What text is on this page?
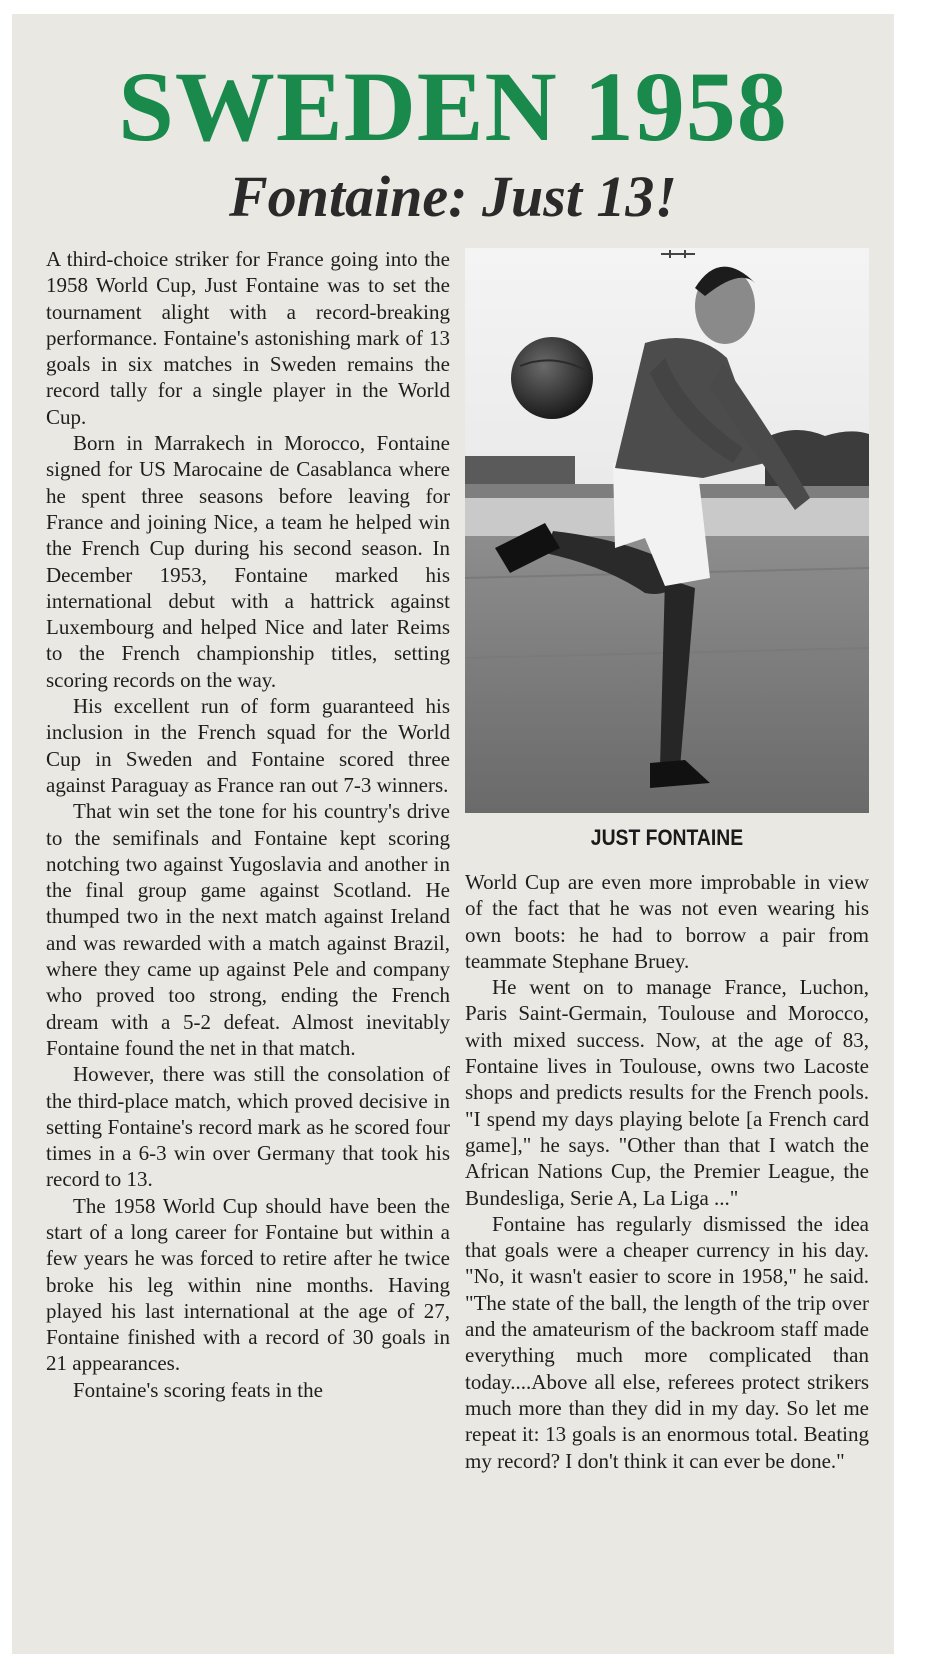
SWEDEN 1958
Fontaine: Just 13!

A third-choice striker for France going into the 1958 World Cup, Just Fontaine was to set the tournament alight with a record-breaking performance. Fontaine's astonishing mark of 13 goals in six matches in Sweden remains the record tally for a single player in the World Cup.

Born in Marrakech in Morocco, Fontaine signed for US Marocaine de Casablanca where he spent three seasons before leaving for France and joining Nice, a team he helped win the French Cup during his second season. In December 1953, Fontaine marked his international debut with a hattrick against Luxembourg and helped Nice and later Reims to the French championship titles, setting scoring records on the way.

His excellent run of form guaranteed his inclusion in the French squad for the World Cup in Sweden and Fontaine scored three against Paraguay as France ran out 7-3 winners.

That win set the tone for his country's drive to the semifinals and Fontaine kept scoring notching two against Yugoslavia and another in the final group game against Scotland. He thumped two in the next match against Ireland and was rewarded with a match against Brazil, where they came up against Pele and company who proved too strong, ending the French dream with a 5-2 defeat. Almost inevitably Fontaine found the net in that match.

However, there was still the consolation of the third-place match, which proved decisive in setting Fontaine's record mark as he scored four times in a 6-3 win over Germany that took his record to 13.

The 1958 World Cup should have been the start of a long career for Fontaine but within a few years he was forced to retire after he twice broke his leg within nine months. Having played his last international at the age of 27, Fontaine finished with a record of 30 goals in 21 appearances.

Fontaine's scoring feats in the

JUST FONTAINE

World Cup are even more improbable in view of the fact that he was not even wearing his own boots: he had to borrow a pair from teammate Stephane Bruey.

He went on to manage France, Luchon, Paris Saint-Germain, Toulouse and Morocco, with mixed success. Now, at the age of 83, Fontaine lives in Toulouse, owns two Lacoste shops and predicts results for the French pools. "I spend my days playing belote [a French card game]," he says. "Other than that I watch the African Nations Cup, the Premier League, the Bundesliga, Serie A, La Liga ..."

Fontaine has regularly dismissed the idea that goals were a cheaper currency in his day. "No, it wasn't easier to score in 1958," he said. "The state of the ball, the length of the trip over and the amateurism of the backroom staff made everything much more complicated than today....Above all else, referees protect strikers much more than they did in my day. So let me repeat it: 13 goals is an enormous total. Beating my record? I don't think it can ever be done."
